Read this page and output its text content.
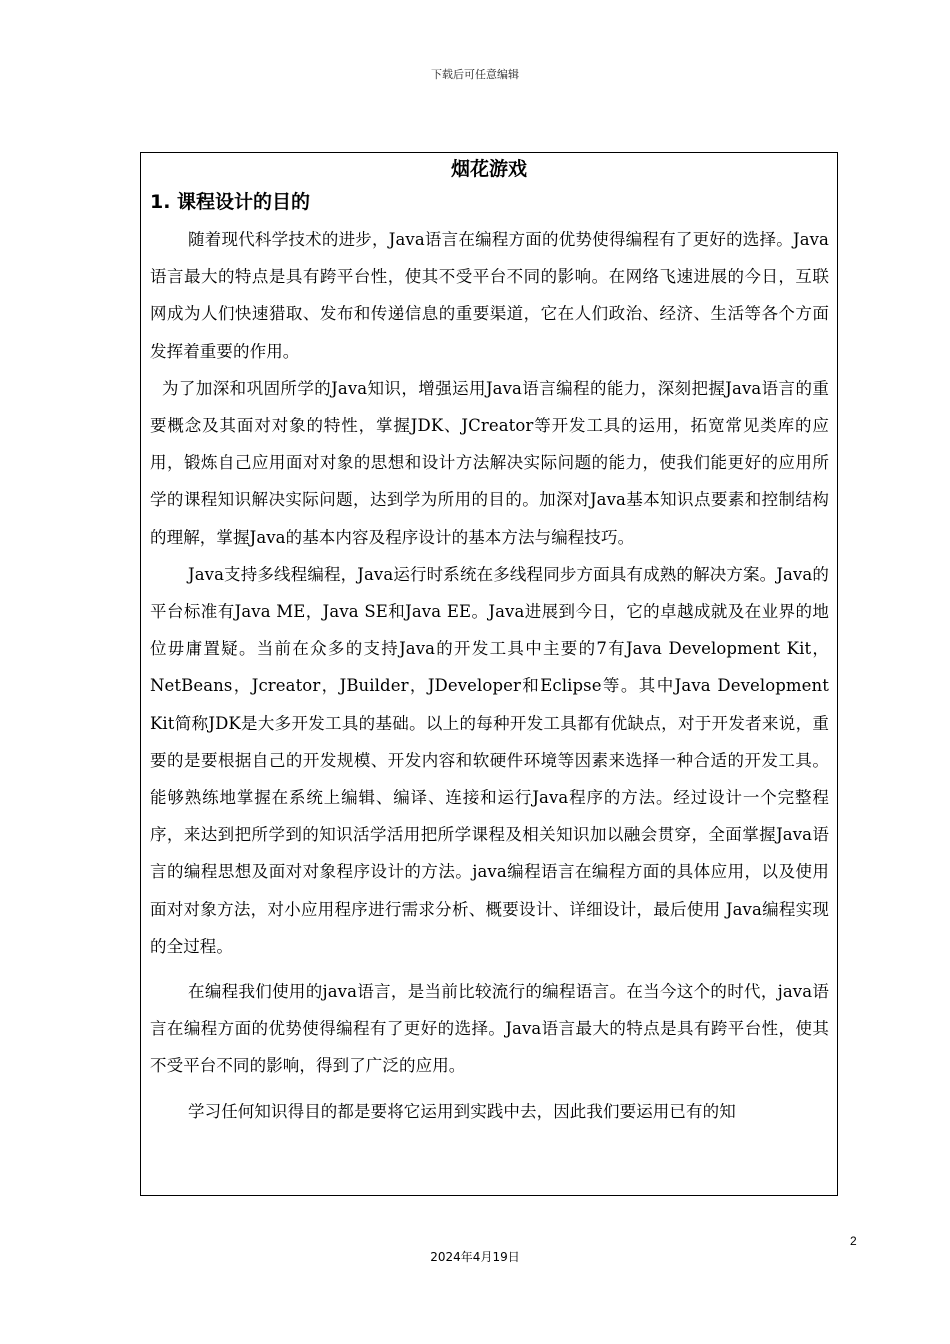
下载后可任意编辑
烟花游戏
1. 课程设计的目的

随着现代科学技术的进步，Java语言在编程方面的优势使得编程有了更好的选择。Java语言最大的特点是具有跨平台性，使其不受平台不同的影响。在网络飞速进展的今日，互联网成为人们快速猎取、发布和传递信息的重要渠道，它在人们政治、经济、生活等各个方面发挥着重要的作用。

为了加深和巩固所学的Java知识，增强运用Java语言编程的能力，深刻把握Java语言的重要概念及其面对对象的特性，掌握JDK、JCreator等开发工具的运用，拓宽常见类库的应用，锻炼自己应用面对对象的思想和设计方法解决实际问题的能力，使我们能更好的应用所学的课程知识解决实际问题，达到学为所用的目的。加深对Java基本知识点要素和控制结构的理解，掌握Java的基本内容及程序设计的基本方法与编程技巧。

Java支持多线程编程，Java运行时系统在多线程同步方面具有成熟的解决方案。Java的平台标准有Java ME，Java SE和Java EE。Java进展到今日，它的卓越成就及在业界的地位毋庸置疑。当前在众多的支持Java的开发工具中主要的7有Java Development Kit，NetBeans，Jcreator，JBuilder，JDeveloper和Eclipse等。其中Java Development Kit简称JDK是大多开发工具的基础。以上的每种开发工具都有优缺点，对于开发者来说，重要的是要根据自己的开发规模、开发内容和软硬件环境等因素来选择一种合适的开发工具。能够熟练地掌握在系统上编辑、编译、连接和运行Java程序的方法。经过设计一个完整程序，来达到把所学到的知识活学活用把所学课程及相关知识加以融会贯穿，全面掌握Java语言的编程思想及面对对象程序设计的方法。java编程语言在编程方面的具体应用，以及使用面对对象方法，对小应用程序进行需求分析、概要设计、详细设计，最后使用 Java编程实现的全过程。

在编程我们使用的java语言，是当前比较流行的编程语言。在当今这个的时代，java语言在编程方面的优势使得编程有了更好的选择。Java语言最大的特点是具有跨平台性，使其不受平台不同的影响，得到了广泛的应用。

学习任何知识得目的都是要将它运用到实践中去，因此我们要运用已有的知

2
2024年4月19日
